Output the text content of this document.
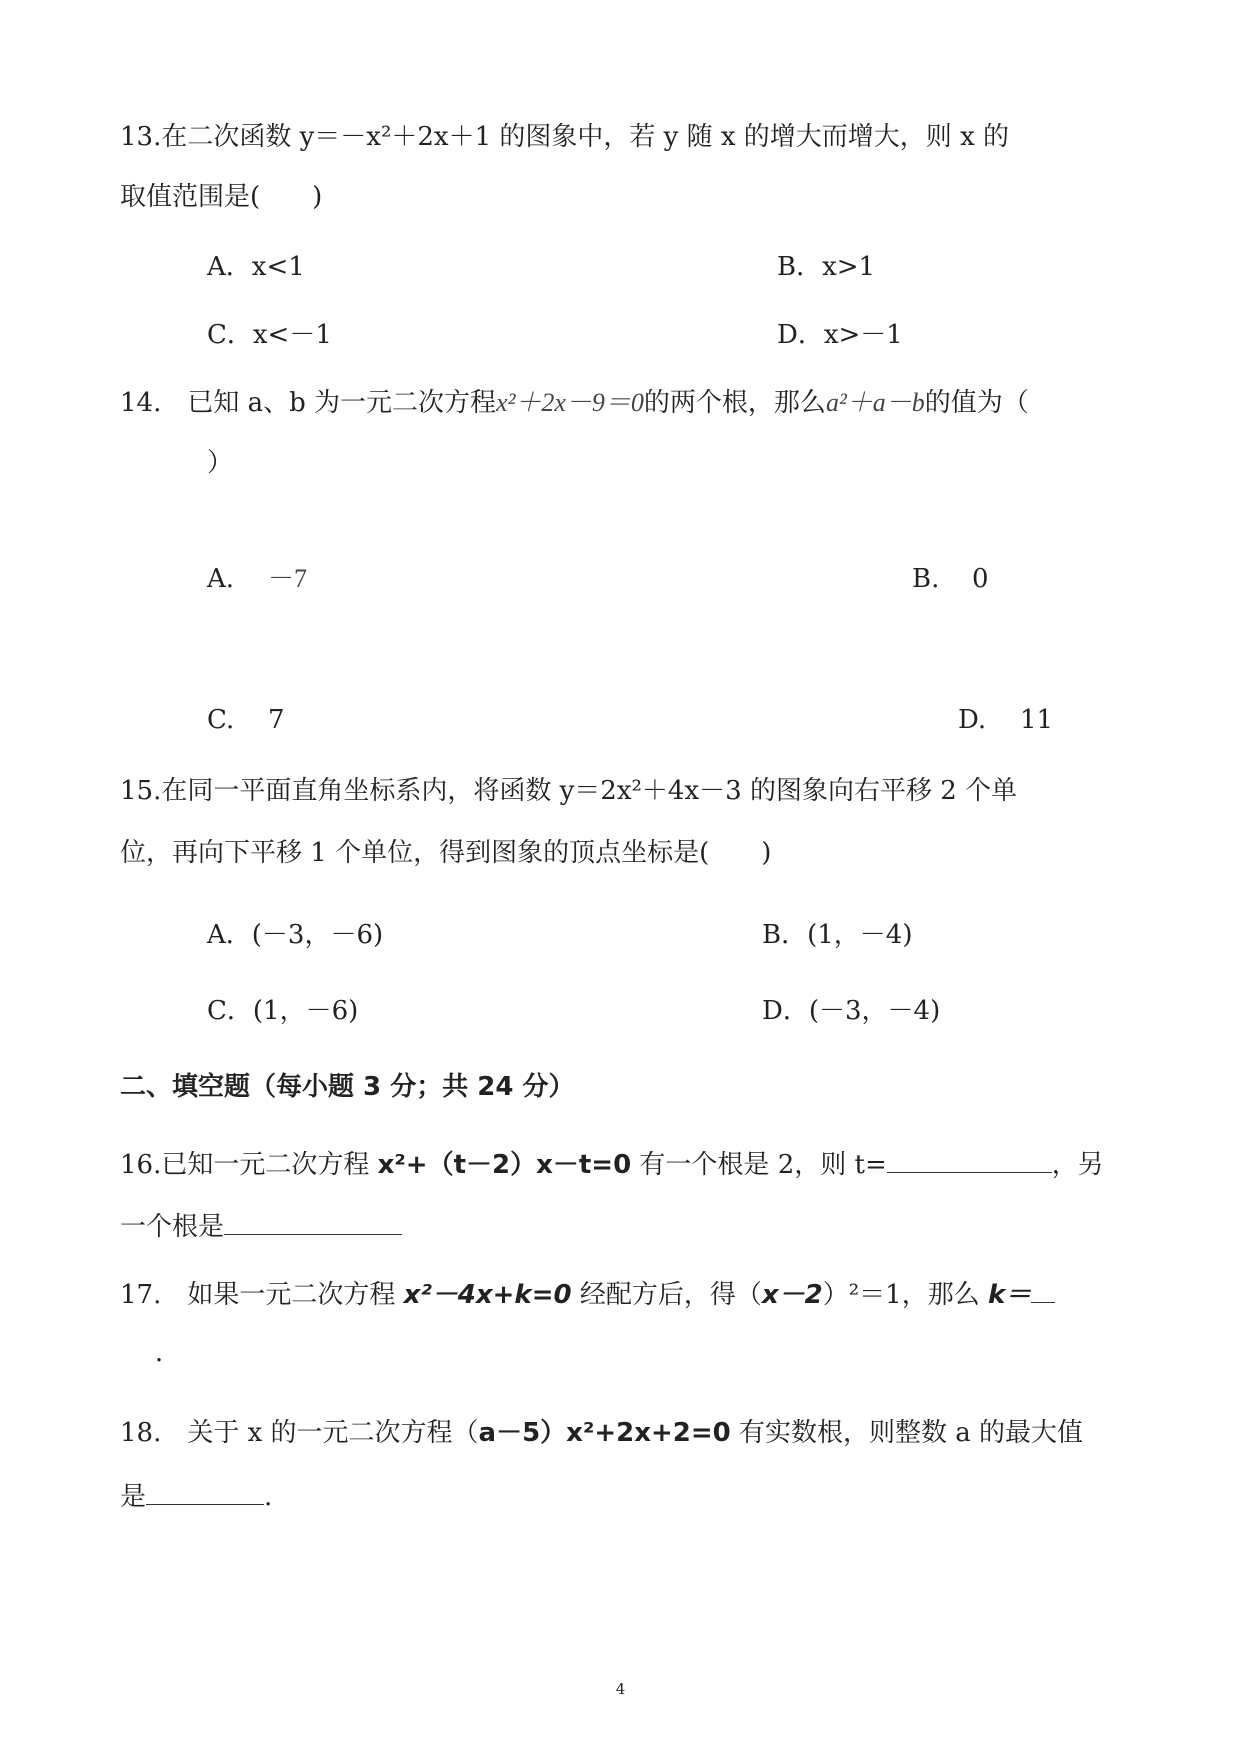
13.在二次函数 y＝－x²＋2x＋1 的图象中，若 y 随 x 的增大而增大，则 x 的
取值范围是(　　)
A．x<1	B．x>1
C．x<－1	D．x>－1
14.　已知 a、b 为一元二次方程x²＋2x－9＝0的两个根，那么a²＋a－b的值为（
）
A. －7	B. 0
C. 7	D. 11
15.在同一平面直角坐标系内，将函数 y＝2x²＋4x－3 的图象向右平移 2 个单
位，再向下平移 1 个单位，得到图象的顶点坐标是(　　)
A．(－3，－6)	B．(1，－4)
C．(1，－6)	D．(－3，－4)
二、填空题（每小题 3 分；共 24 分）
16.已知一元二次方程 x²+（t－2）x－t=0 有一个根是 2，则 t=	，另
一个根是
17.　如果一元二次方程 x²－4x+k=0 经配方后，得（x－2）²＝1，那么 k＝
．
18.　关于 x 的一元二次方程（a－5）x²+2x+2=0 有实数根，则整数 a 的最大值
是	.
4
